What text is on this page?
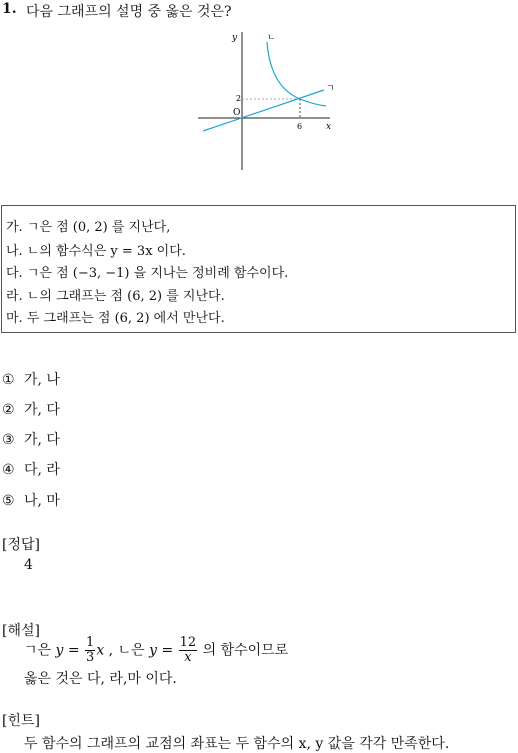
1. 다음 그래프의 설명 중 옳은 것은?
y
x
O
2
6
ㄴ
ㄱ
가. ㄱ은 점 (0, 2) 를 지난다,
나. ㄴ의 함수식은 y = 3x 이다.
다. ㄱ은 점 (−3, −1) 을 지나는 정비례 함수이다.
라. ㄴ의 그래프는 점 (6, 2) 를 지난다.
마. 두 그래프는 점 (6, 2) 에서 만난다.
① 가, 나
② 가, 다
③ 가, 다
④ 다, 라
⑤ 나, 마
[정답]
4
[해설]
ㄱ은 $y = \frac{1}{3}$ x , ㄴ은 $y = \frac{12}{x}$ 의 함수이므로
옳은 것은 다, 라,마 이다.
[힌트]
두 함수의 그래프의 교점의 좌표는 두 함수의 x, y 값을 각각 만족한다.
